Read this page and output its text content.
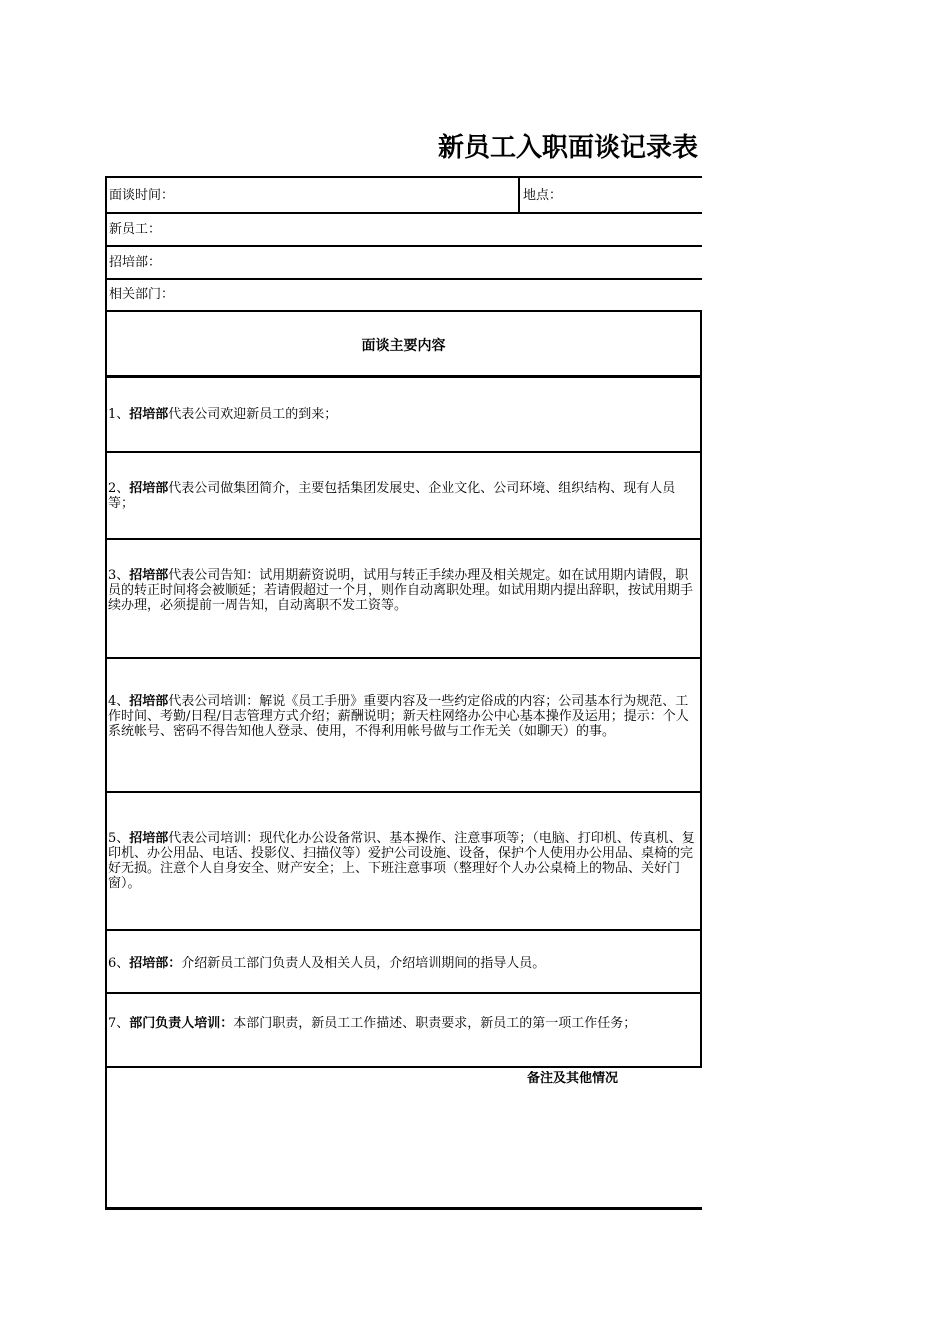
新员工入职面谈记录表
面谈时间：	地点：
新员工：
招培部：
相关部门：
面谈主要内容
1、招培部代表公司欢迎新员工的到来；
2、招培部代表公司做集团简介，主要包括集团发展史、企业文化、公司环境、组织结构、现有人员等；
3、招培部代表公司告知：试用期薪资说明，试用与转正手续办理及相关规定。如在试用期内请假，职员的转正时间将会被顺延；若请假超过一个月，则作自动离职处理。如试用期内提出辞职，按试用期手续办理，必须提前一周告知，自动离职不发工资等。
4、招培部代表公司培训：解说《员工手册》重要内容及一些约定俗成的内容；公司基本行为规范、工作时间、考勤/日程/日志管理方式介绍；薪酬说明；新天柱网络办公中心基本操作及运用；提示：个人系统帐号、密码不得告知他人登录、使用，不得利用帐号做与工作无关（如聊天）的事。
5、招培部代表公司培训：现代化办公设备常识、基本操作、注意事项等；（电脑、打印机、传真机、复印机、办公用品、电话、投影仪、扫描仪等）爱护公司设施、设备，保护个人使用办公用品、桌椅的完好无损。注意个人自身安全、财产安全；上、下班注意事项（整理好个人办公桌椅上的物品、关好门窗）。
6、招培部：介绍新员工部门负责人及相关人员，介绍培训期间的指导人员。
7、部门负责人培训：本部门职责，新员工工作描述、职责要求，新员工的第一项工作任务；
备注及其他情况
